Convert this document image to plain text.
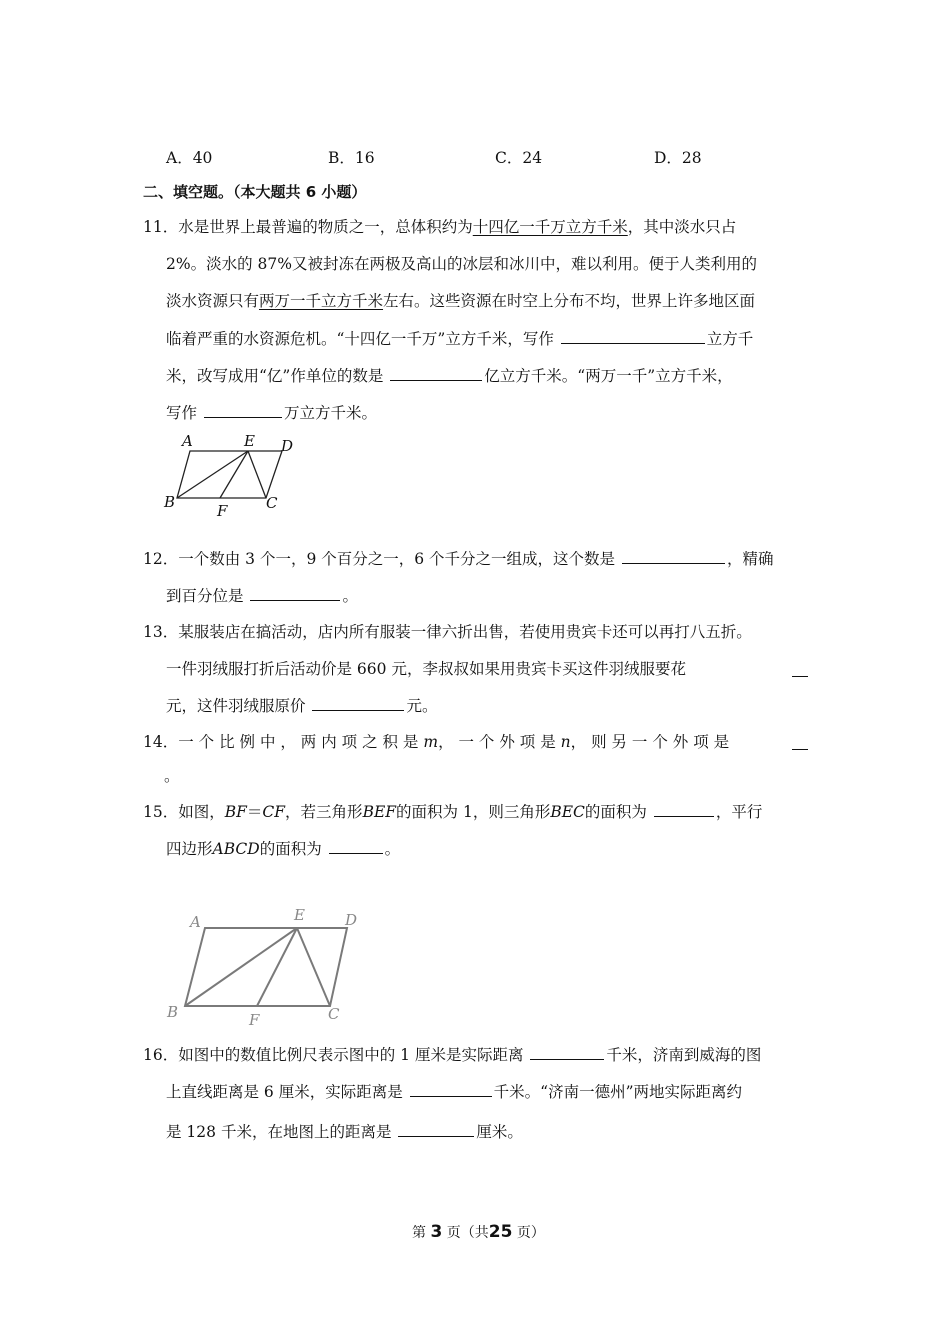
A．40	B．16	C．24	D．28
二、填空题。（本大题共 6 小题）
11．水是世界上最普遍的物质之一，总体积约为十四亿一千万立方千米，其中淡水只占
2%。淡水的 87%又被封冻在两极及高山的冰层和冰川中，难以利用。便于人类利用的
淡水资源只有两万一千立方千米左右。这些资源在时空上分布不均，世界上许多地区面
临着严重的水资源危机。“十四亿一千万”立方千米，写作	立方千
米，改写成用“亿”作单位的数是	亿立方千米。“两万一千”立方千米，
写作	万立方千米。
A	E D
B	F	C
12．一个数由 3 个一，9 个百分之一，6 个千分之一组成，这个数是	，精确
到百分位是	。
13．某服装店在搞活动，店内所有服装一律六折出售，若使用贵宾卡还可以再打八五折。
一件羽绒服打折后活动价是 660 元，李叔叔如果用贵宾卡买这件羽绒服要花
元，这件羽绒服原价	元。
14．一 个 比 例 中 ， 两 内 项 之 积 是 m， 一 个 外 项 是 n， 则 另 一 个 外 项 是
。
15．如图，BF＝CF，若三角形BEF的面积为 1，则三角形BEC的面积为	，平行
四边形ABCD的面积为	。
A	E	D
B	F	C
16．如图中的数值比例尺表示图中的 1 厘米是实际距离	千米，济南到威海的图
上直线距离是 6 厘米，实际距离是	千米。“济南一德州”两地实际距离约
是 128 千米，在地图上的距离是	厘米。
第 3 页（共25 页）
